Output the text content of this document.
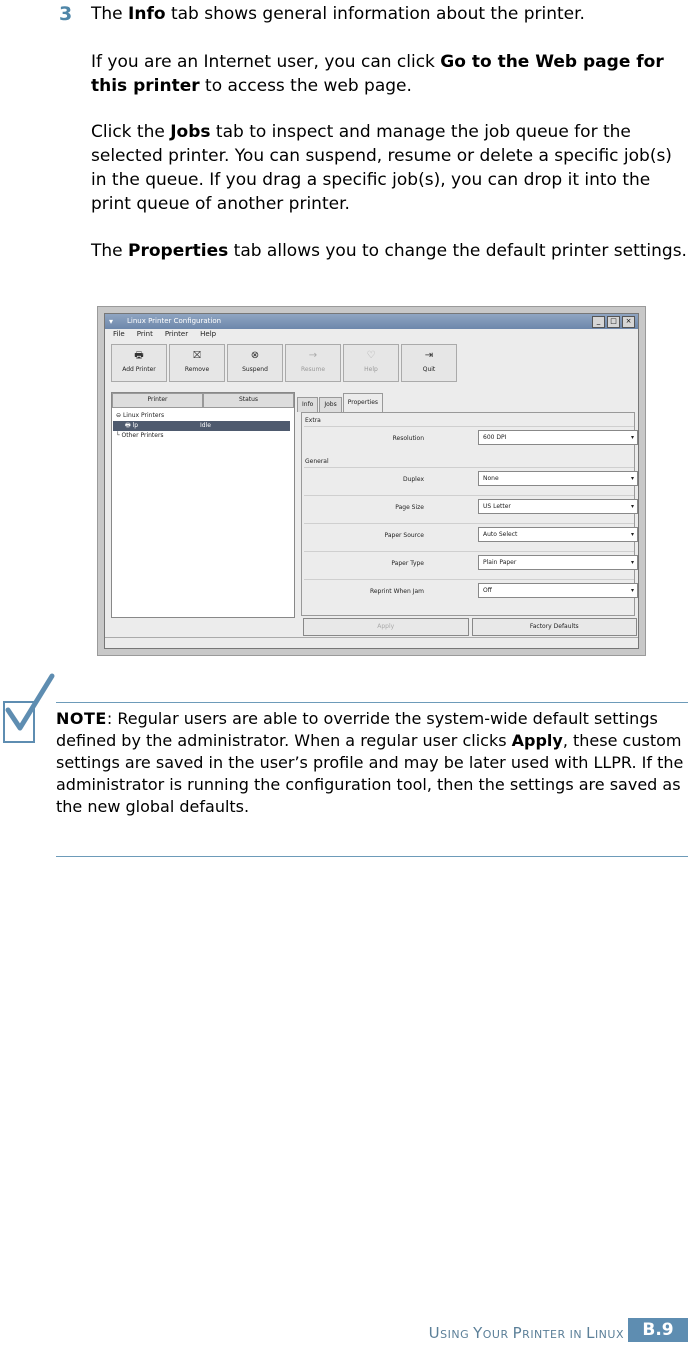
3 The Info tab shows general information about the printer.

If you are an Internet user, you can click Go to the Web page for this printer to access the web page.

Click the Jobs tab to inspect and manage the job queue for the selected printer. You can suspend, resume or delete a specific job(s) in the queue. If you drag a specific job(s), you can drop it into the print queue of another printer.

The Properties tab allows you to change the default printer settings.

▾ Linux Printer Configuration	_	□	×
File Print Printer Help
🖶
Add Printer
⛝
Remove
⊗
Suspend
→
Resume
♡
Help
⇥
Quit
Printer	Status
⊖ Linux Printers
🖶 lp	Idle
└ Other Printers
Info	Jobs	Properties
Extra
Resolution	600 DPI	▾
General
Duplex	None	▾
Page Size	US Letter	▾
Paper Source	Auto Select	▾
Paper Type	Plain Paper	▾
Reprint When Jam	Off	▾
Apply	Factory Defaults

NOTE: Regular users are able to override the system-wide default settings defined by the administrator. When a regular user clicks Apply, these custom settings are saved in the user’s profile and may be later used with LLPR. If the administrator is running the configuration tool, then the settings are saved as the new global defaults.

USING YOUR PRINTER IN LINUX	B.9
